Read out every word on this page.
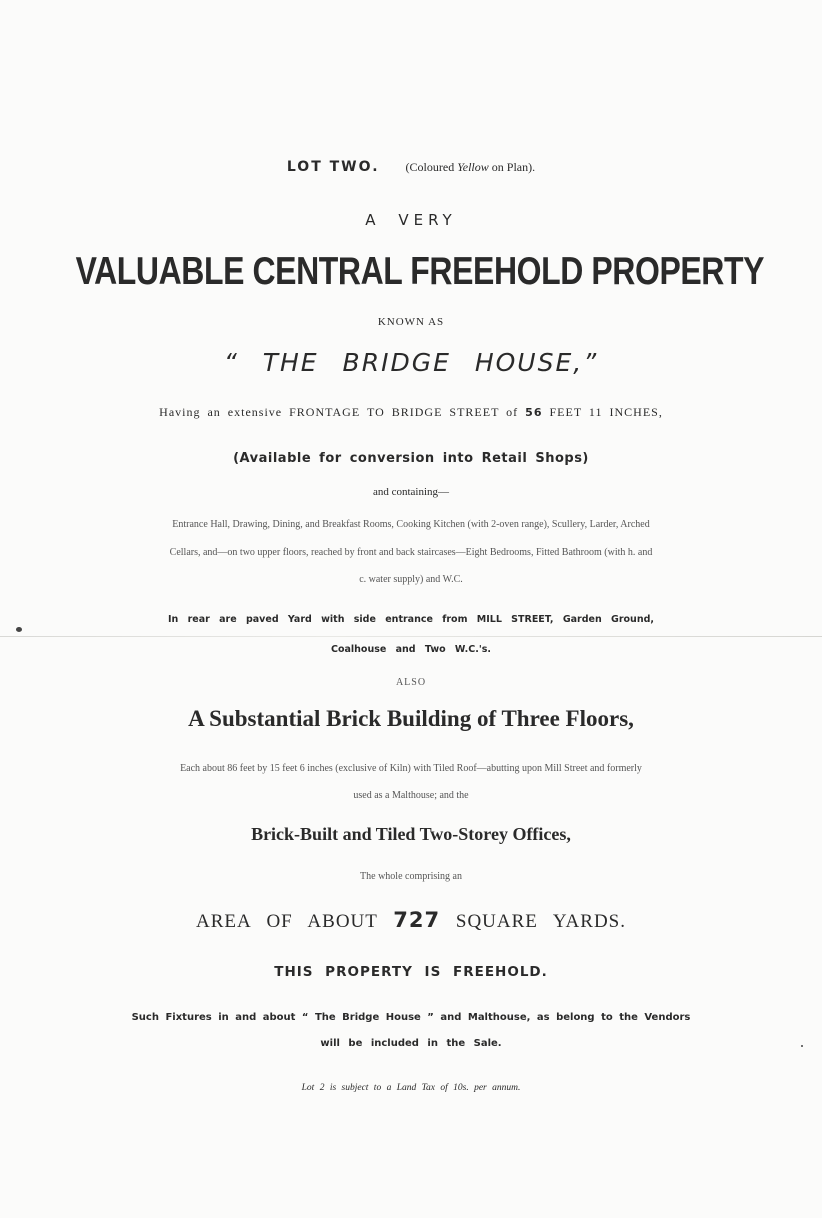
LOT TWO. (Coloured Yellow on Plan).
A VERY
VALUABLE CENTRAL FREEHOLD PROPERTY
KNOWN AS
“ THE BRIDGE HOUSE,”
Having an extensive FRONTAGE TO BRIDGE STREET of 56 FEET 11 INCHES,
(Available for conversion into Retail Shops)
and containing—
Entrance Hall, Drawing, Dining, and Breakfast Rooms, Cooking Kitchen (with 2-oven range), Scullery, Larder, Arched
Cellars, and—on two upper floors, reached by front and back staircases—Eight Bedrooms, Fitted Bathroom (with h. and
c. water supply) and W.C.
In rear are paved Yard with side entrance from MILL STREET, Garden Ground,
Coalhouse and Two W.C.'s.
ALSO
A Substantial Brick Building of Three Floors,
Each about 86 feet by 15 feet 6 inches (exclusive of Kiln) with Tiled Roof—abutting upon Mill Street and formerly
used as a Malthouse; and the
Brick-Built and Tiled Two-Storey Offices,
The whole comprising an
AREA OF ABOUT 727 SQUARE YARDS.
THIS PROPERTY IS FREEHOLD.
Such Fixtures in and about “ The Bridge House ” and Malthouse, as belong to the Vendors
will be included in the Sale.
Lot 2 is subject to a Land Tax of 10s. per annum.
